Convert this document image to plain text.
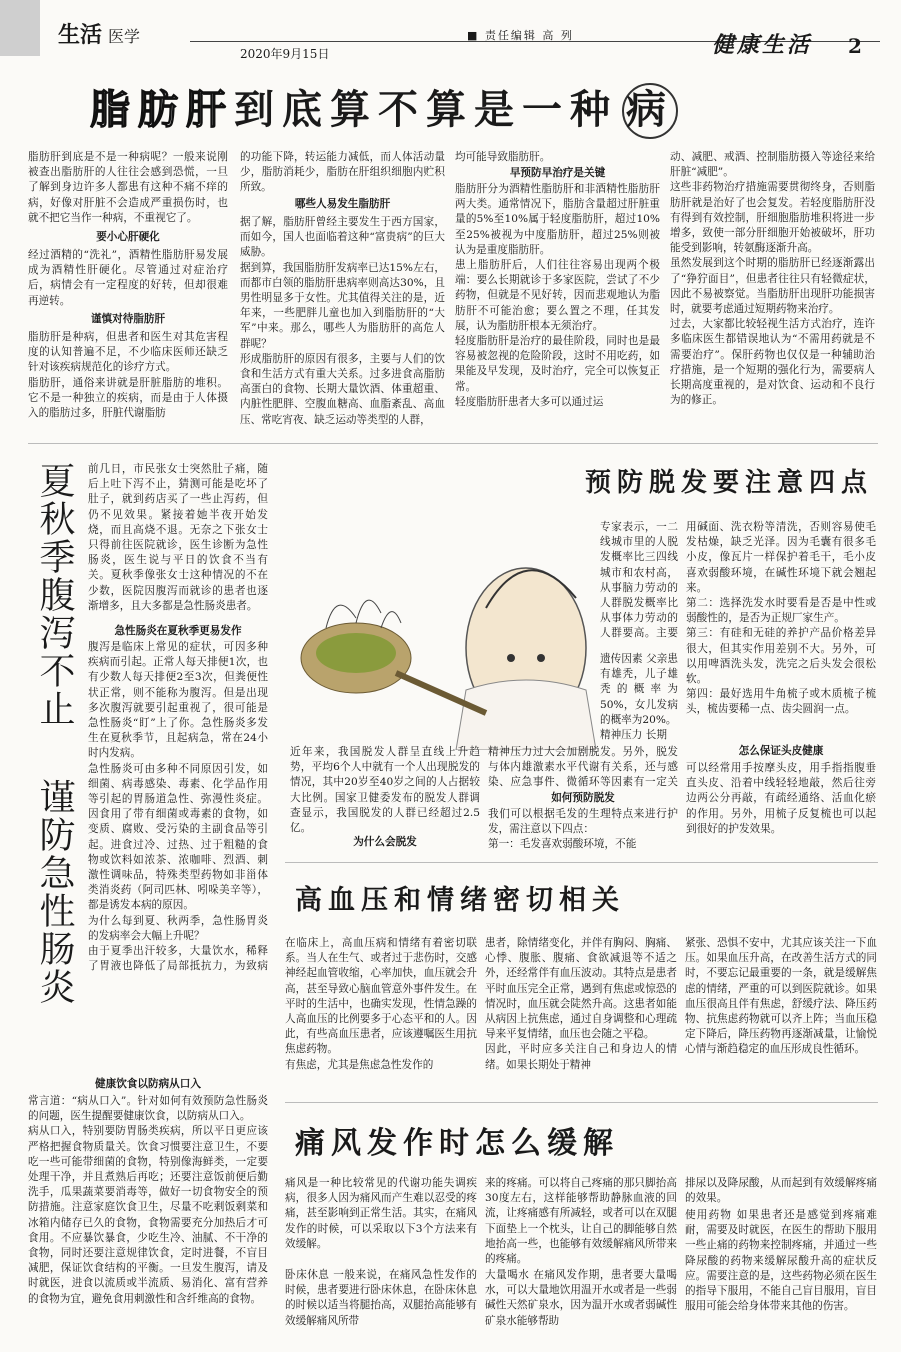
生活 医学
2020年9月15日
■ 责任编辑 高 列	健康生活 2
脂肪肝到底算不算是一种 病
脂肪肝到底是不是一种病呢？一般来说刚被查出脂肪肝的人往往会感到恐慌，一旦了解到身边许多人都患有这种不痛不痒的病，好像对肝脏不会造成严重损伤时，也就不把它当作一种病，不重视它了。
要小心肝硬化
经过酒精的“洗礼”，酒精性脂肪肝易发展成为酒精性肝硬化。尽管通过对症治疗后，病情会有一定程度的好转，但却很难再逆转。
谨慎对待脂肪肝
脂肪肝是种病，但患者和医生对其危害程度的认知普遍不足，不少临床医师还缺乏针对该疾病规范化的诊疗方式。
脂肪肝，通俗来讲就是肝脏脂肪的堆积。它不是一种独立的疾病，而是由于人体摄入的脂肪过多，肝脏代谢脂肪
的功能下降，转运能力减低，而人体活动量少，脂肪消耗少，脂肪在肝组织细胞内贮积所致。
哪些人易发生脂肪肝
据了解，脂肪肝曾经主要发生于西方国家，而如今，国人也面临着这种“富贵病”的巨大威胁。
据到算，我国脂肪肝发病率已达15%左右，而都市白领的脂肪肝患病率则高达30%，且男性明显多于女性。尤其值得关注的是，近年来，一些肥胖儿童也加入到脂肪肝的“大军”中来。那么，哪些人为脂肪肝的高危人群呢？
形成脂肪肝的原因有很多，主要与人们的饮食和生活方式有重大关系。过多进食高脂肪高蛋白的食物、长期大量饮酒、体重超重、内脏性肥胖、空腹血糖高、血脂紊乱、高血压、常吃宵夜、缺乏运动等类型的人群，
均可能导致脂肪肝。
早预防早治疗是关键
脂肪肝分为酒精性脂肪肝和非酒精性脂肪肝两大类。通常情况下，脂肪含量超过肝脏重量的5%至10%属于轻度脂肪肝，超过10%至25%被视为中度脂肪肝，超过25%则被认为是重度脂肪肝。
患上脂肪肝后，人们往往容易出现两个极端：要么长期就诊于多家医院，尝试了不少药物，但就是不见好转，因而悲观地认为脂肪肝不可能治愈；要么置之不理，任其发展，认为脂肪肝根本无须治疗。
轻度脂肪肝是治疗的最佳阶段，同时也是最容易被忽视的危险阶段，这时不用吃药，如果能及早发现，及时治疗，完全可以恢复正常。
轻度脂肪肝患者大多可以通过运
动、减肥、戒酒、控制脂肪摄入等途径来给肝脏“减肥”。
这些非药物治疗措施需要贯彻终身，否则脂肪肝就是治好了也会复发。若轻度脂肪肝没有得到有效控制，肝细胞脂肪堆积将进一步增多，致使一部分肝细胞开始被破坏，肝功能受到影响，转氨酶逐渐升高。
虽然发展到这个时期的脂肪肝已经逐渐露出了“狰狞面目”，但患者往往只有轻微症状，因此不易被察觉。当脂肪肝出现肝功能损害时，就要考虑通过短期药物来治疗。
过去，大家都比较轻视生活方式治疗，连许多临床医生都错误地认为“不需用药就是不需要治疗”。保肝药物也仅仅是一种辅助治疗措施，是一个短期的强化行为，需要病人长期高度重视的，是对饮食、运动和不良行为的修正。
夏秋季腹泻不止
谨防急性肠炎
前几日，市民张女士突然肚子痛，随后上吐下泻不止，猜测可能是吃坏了肚子，就到药店买了一些止泻药，但仍不见效果。紧接着她半夜开始发烧，而且高烧不退。无奈之下张女士只得前往医院就诊，医生诊断为急性肠炎，医生说与平日的饮食不当有关。夏秋季像张女士这种情况的不在少数，医院因腹泻而就诊的患者也逐渐增多，且大多都是急性肠炎患者。
急性肠炎在夏秋季更易发作
腹泻是临床上常见的症状，可因多种疾病而引起。正常人每天排便1次，也有少数人每天排便2至3次，但粪便性状正常，则不能称为腹泻。但是出现多次腹泻就要引起重视了，很可能是急性肠炎“盯”上了你。急性肠炎多发生在夏秋季节，且起病急，常在24小时内发病。
急性肠炎可由多种不同原因引发，如细菌、病毒感染、毒素、化学品作用等引起的胃肠道急性、弥漫性炎症。因食用了带有细菌或毒素的食物，如变质、腐败、受污染的主副食品等引起。进食过冷、过热、过于粗糙的食物或饮料如浓茶、浓咖啡、烈酒、刺激性调味品，特殊类型药物如非甾体类消炎药（阿司匹林、吲哚美辛等），都是诱发本病的原因。
为什么每到夏、秋两季，急性肠胃炎的发病率会大幅上升呢？
由于夏季出汗较多，大量饮水，稀释了胃液也降低了局部抵抗力，为致病

健康饮食以防病从口入
常言道：“病从口入”。针对如何有效预防急性肠炎的问题，医生提醒要健康饮食，以防病从口入。
病从口入，特别要防胃肠类疾病，所以平日更应该严格把握食物质量关。饮食习惯要注意卫生，不要吃一些可能带细菌的食物，特别像海鲜类，一定要处理干净，并且煮熟后再吃；还要注意饭前便后勤洗手，瓜果蔬菜要消毒等，做好一切食物安全的预防措施。注意家庭饮食卫生，尽量不吃剩饭剩菜和冰箱内储存已久的食物，食物需要充分加热后才可食用。不应暴饮暴食，少吃生冷、油腻、不干净的食物，同时还要注意规律饮食，定时进餐，不盲目减肥，保证饮食结构的平衡。一旦发生腹泻，请及时就医，进食以流质或半流质、易消化、富有营养的食物为宜，避免食用刺激性和含纤维高的食物。
预防脱发要注意四点
专家表示，一二线城市里的人脱发概率比三四线城市和农村高，从事脑力劳动的人群脱发概率比从事体力劳动的人群要高。主要
遗传因素 父亲患有雄秃，儿子雄秃的概率为50%，女儿发病的概率为20%。
精神压力 长期
用碱面、洗衣粉等清洗，否则容易使毛发枯燥，缺乏光泽。因为毛囊有很多毛小皮，像瓦片一样保护着毛干，毛小皮喜欢弱酸环境，在碱性环境下就会翘起来。
第二：选择洗发水时要看是否是中性或弱酸性的，是否为正规厂家生产。
第三：有硅和无硅的养护产品价格差异很大，但其实作用差别不大。另外，可以用啤酒洗头发，洗完之后头发会很松软。
第四：最好选用牛角梳子或木质梳子梳头，梳齿要稀一点、齿尖圆润一点。
怎么保证头皮健康
可以经常用手按摩头皮，用手指指腹垂直头皮、沿着中线轻轻地敲，然后往旁边两公分再敲，有疏经通络、活血化瘀的作用。另外，用梳子反复梳也可以起到很好的护发效果。
近年来，我国脱发人群呈直线上升趋势，平均6个人中就有一个人出现脱发的情况，其中20岁至40岁之间的人占据较大比例。国家卫健委发布的脱发人群调查显示，我国脱发的人群已经超过2.5亿。
为什么会脱发
精神压力过大会加剧脱发。另外，脱发与体内雄激素水平代谢有关系，还与感染、应急事件、微循环等因素有一定关
如何预防脱发
我们可以根据毛发的生理特点来进行护发，需注意以下四点：
第一：毛发喜欢弱酸环境，不能
高血压和情绪密切相关
在临床上，高血压病和情绪有着密切联系。当人在生气、或者过于悲伤时，交感神经起血管收缩，心率加快，血压就会升高，甚至导致心脑血管意外事件发生。在平时的生活中，也确实发现，性情急躁的人高血压的比例要多于心态平和的人。因此，有些高血压患者，应该遵嘱医生用抗焦虑药物。
有焦虑，尤其是焦虑急性发作的
患者，除情绪变化，并伴有胸闷、胸痛、心悸、腹胀、腹痛、食欲减退等不适之外，还经常伴有血压波动。其特点是患者平时血压完全正常，遇到有焦虑或惊恐的情况时，血压就会陡然升高。这患者如能从病因上抗焦虑，通过自身调整和心理疏导来平复情绪，血压也会随之平稳。
因此，平时应多关注自己和身边人的情绪。如果长期处于精神
紧张、恐惧不安中，尤其应该关注一下血压。如果血压升高，在改善生活方式的同时，不要忘记最重要的一条，就是缓解焦虑的情绪，严重的可以到医院就诊。如果血压很高且伴有焦虑，舒缓疗法、降压药物、抗焦虑药物就可以齐上阵；当血压稳定下降后，降压药物再逐渐减量，让愉悦心情与渐趋稳定的血压形成良性循环。
痛风发作时怎么缓解
痛风是一种比较常见的代谢功能失调疾病，很多人因为痛风而产生难以忍受的疼痛，甚至影响到正常生活。其实，在痛风发作的时候，可以采取以下3个方法来有效缓解。
卧床休息 一般来说，在痛风急性发作的时候，患者要进行卧床休息，在卧床休息的时候以适当将腿抬高，双腿抬高能够有效缓解痛风所带
来的疼痛。可以将自己疼痛的那只脚抬高30度左右，这样能够帮助静脉血液的回流，让疼痛感有所减轻，或者可以在双腿下面垫上一个枕头，让自己的脚能够自然地抬高一些，也能够有效缓解痛风所带来的疼痛。
大量喝水 在痛风发作期，患者要大量喝水，可以大量地饮用温开水或者是一些弱碱性天然矿泉水，因为温开水或者弱碱性矿泉水能够帮助
排尿以及降尿酸，从而起到有效缓解疼痛的效果。
使用药物 如果患者还是感觉到疼痛难耐，需要及时就医，在医生的帮助下服用一些止痛的药物来控制疼痛，并通过一些降尿酸的药物来缓解尿酸升高的症状反应。需要注意的是，这些药物必须在医生的指导下服用，不能自己盲目服用，盲目服用可能会给身体带来其他的伤害。
